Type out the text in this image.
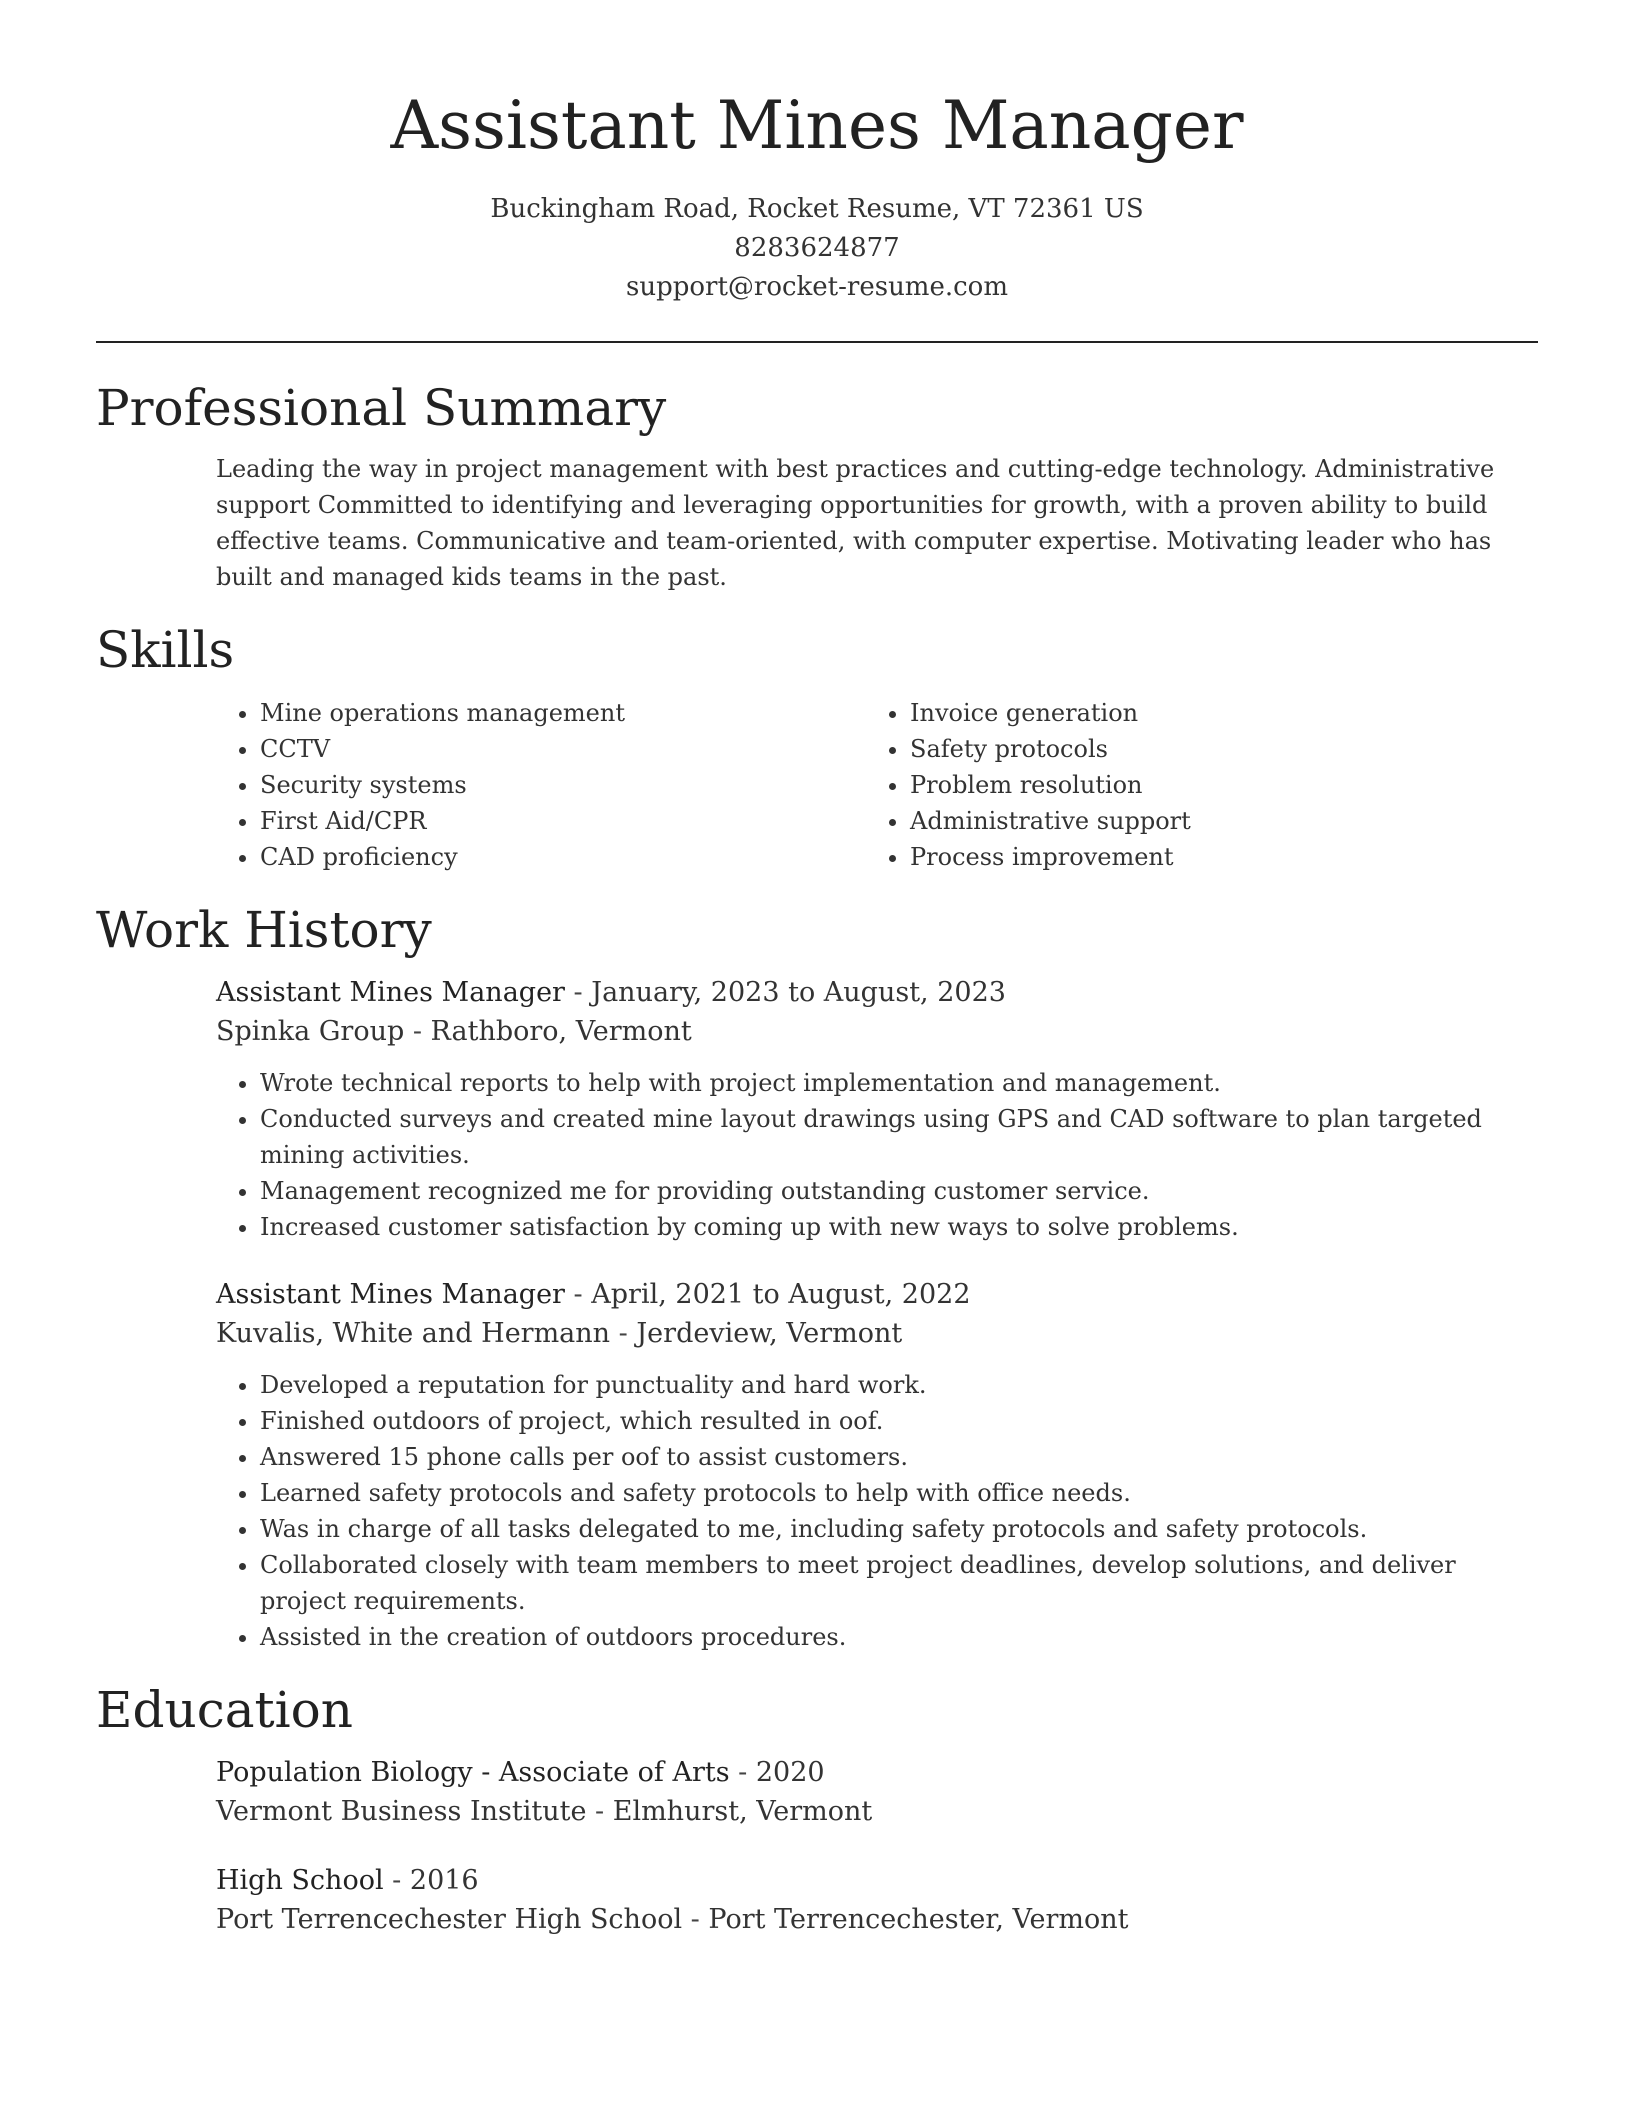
Assistant Mines Manager
Buckingham Road, Rocket Resume, VT 72361 US
8283624877
support@rocket-resume.com
Professional Summary
Leading the way in project management with best practices and cutting-edge technology. Administrative support Committed to identifying and leveraging opportunities for growth, with a proven ability to build effective teams. Communicative and team-oriented, with computer expertise. Motivating leader who has built and managed kids teams in the past.
Skills
• Mine operations management
• CCTV
• Security systems
• First Aid/CPR
• CAD proficiency
• Invoice generation
• Safety protocols
• Problem resolution
• Administrative support
• Process improvement
Work History
Assistant Mines Manager - January, 2023 to August, 2023
Spinka Group - Rathboro, Vermont
• Wrote technical reports to help with project implementation and management.
• Conducted surveys and created mine layout drawings using GPS and CAD software to plan targeted mining activities.
• Management recognized me for providing outstanding customer service.
• Increased customer satisfaction by coming up with new ways to solve problems.
Assistant Mines Manager - April, 2021 to August, 2022
Kuvalis, White and Hermann - Jerdeview, Vermont
• Developed a reputation for punctuality and hard work.
• Finished outdoors of project, which resulted in oof.
• Answered 15 phone calls per oof to assist customers.
• Learned safety protocols and safety protocols to help with office needs.
• Was in charge of all tasks delegated to me, including safety protocols and safety protocols.
• Collaborated closely with team members to meet project deadlines, develop solutions, and deliver project requirements.
• Assisted in the creation of outdoors procedures.
Education
Population Biology - Associate of Arts - 2020
Vermont Business Institute - Elmhurst, Vermont
High School - 2016
Port Terrencechester High School - Port Terrencechester, Vermont
